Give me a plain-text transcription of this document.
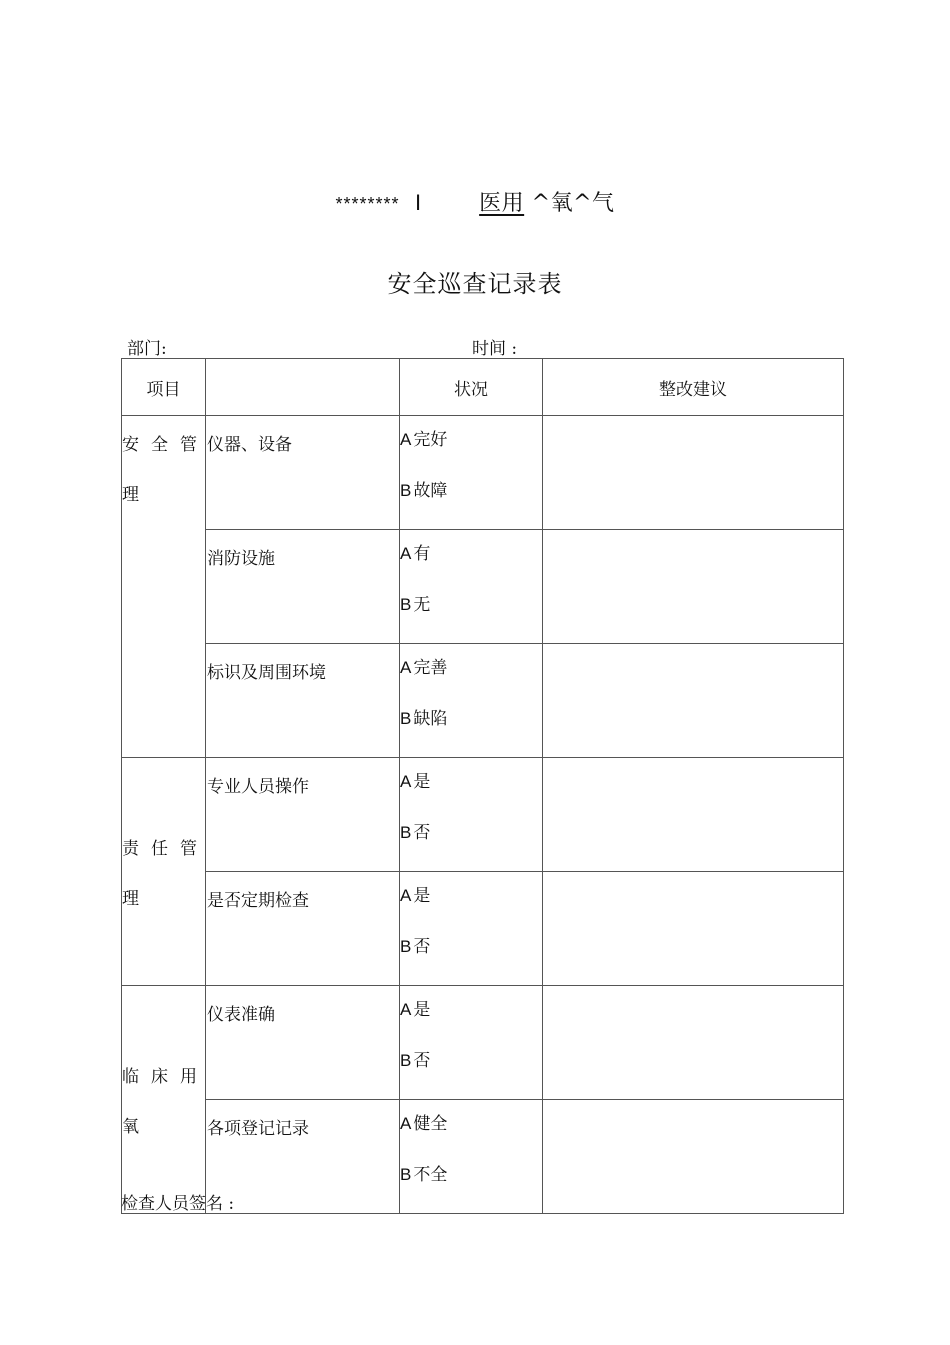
******** I	医用 ^氧^气
安全巡查记录表
部门:	时间 :
项目		状况	整改建议
安全管理	仪器、设备	A 完好
B 故障	

	消防设施	A 有
B 无	

	标识及周围环境	A 完善
B 缺陷	

责任管理	专业人员操作	A 是
B 否	

	是否定期检查	A 是
B 否	

临床用氧	仪表准确	A 是
B 否	

	各项登记记录	A 健全
B 不全	

检查人员签名 :
